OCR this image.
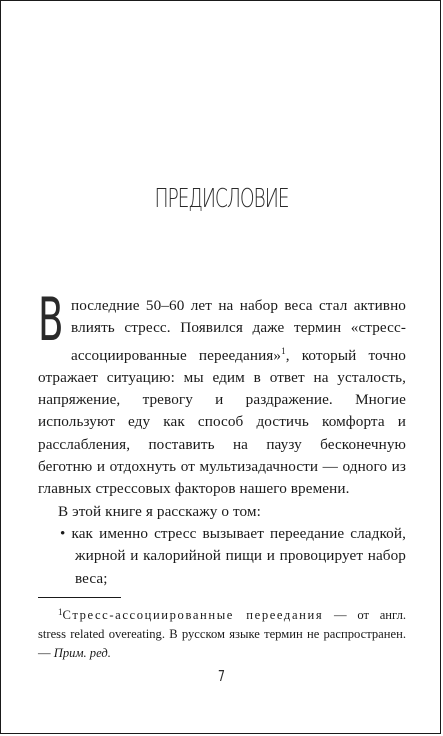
ПРЕДИСЛОВИЕ

Впоследние 50–60 лет на набор веса стал активно влиять стресс. Появился даже термин «стресс-ассоциированные переедания»$^1$, который точно отражает ситуацию: мы едим в ответ на усталость, напряжение, тревогу и раздражение. Многие используют еду как способ достичь комфорта и расслабления, поставить на паузу бесконечную беготню и отдохнуть от мультизадачности — одного из главных стрессовых факторов нашего времени.

В этой книге я расскажу о том:

• как именно стресс вызывает переедание сладкой, жирной и калорийной пищи и провоцирует набор веса;

$^1$Стресс-ассоциированные переедания — от англ. stress related overeating. В русском языке термин не распространен. — Прим. ред.
7
